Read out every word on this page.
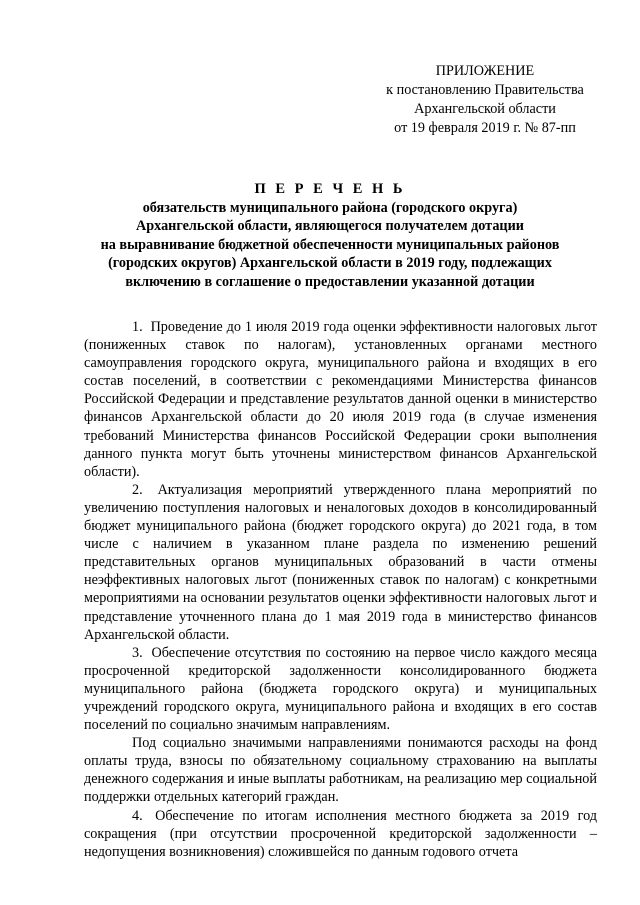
ПРИЛОЖЕНИЕ
к постановлению Правительства
Архангельской области
от 19 февраля 2019 г. № 87-пп
П Е Р Е Ч Е Н Ь
обязательств муниципального района (городского округа)
Архангельской области, являющегося получателем дотации
на выравнивание бюджетной обеспеченности муниципальных районов
(городских округов) Архангельской области в 2019 году, подлежащих
включению в соглашение о предоставлении указанной дотации

1. Проведение до 1 июля 2019 года оценки эффективности налоговых льгот (пониженных ставок по налогам), установленных органами местного самоуправления городского округа, муниципального района и входящих в его состав поселений, в соответствии с рекомендациями Министерства финансов Российской Федерации и представление результатов данной оценки в министерство финансов Архангельской области до 20 июля 2019 года (в случае изменения требований Министерства финансов Российской Федерации сроки выполнения данного пункта могут быть уточнены министерством финансов Архангельской области).

2. Актуализация мероприятий утвержденного плана мероприятий по увеличению поступления налоговых и неналоговых доходов в консолидированный бюджет муниципального района (бюджет городского округа) до 2021 года, в том числе с наличием в указанном плане раздела по изменению решений представительных органов муниципальных образований в части отмены неэффективных налоговых льгот (пониженных ставок по налогам) с конкретными мероприятиями на основании результатов оценки эффективности налоговых льгот и представление уточненного плана до 1 мая 2019 года в министерство финансов Архангельской области.

3. Обеспечение отсутствия по состоянию на первое число каждого месяца просроченной кредиторской задолженности консолидированного бюджета муниципального района (бюджета городского округа) и муниципальных учреждений городского округа, муниципального района и входящих в его состав поселений по социально значимым направлениям.

Под социально значимыми направлениями понимаются расходы на фонд оплаты труда, взносы по обязательному социальному страхованию на выплаты денежного содержания и иные выплаты работникам, на реализацию мер социальной поддержки отдельных категорий граждан.

4. Обеспечение по итогам исполнения местного бюджета за 2019 год сокращения (при отсутствии просроченной кредиторской задолженности – недопущения возникновения) сложившейся по данным годового отчета
